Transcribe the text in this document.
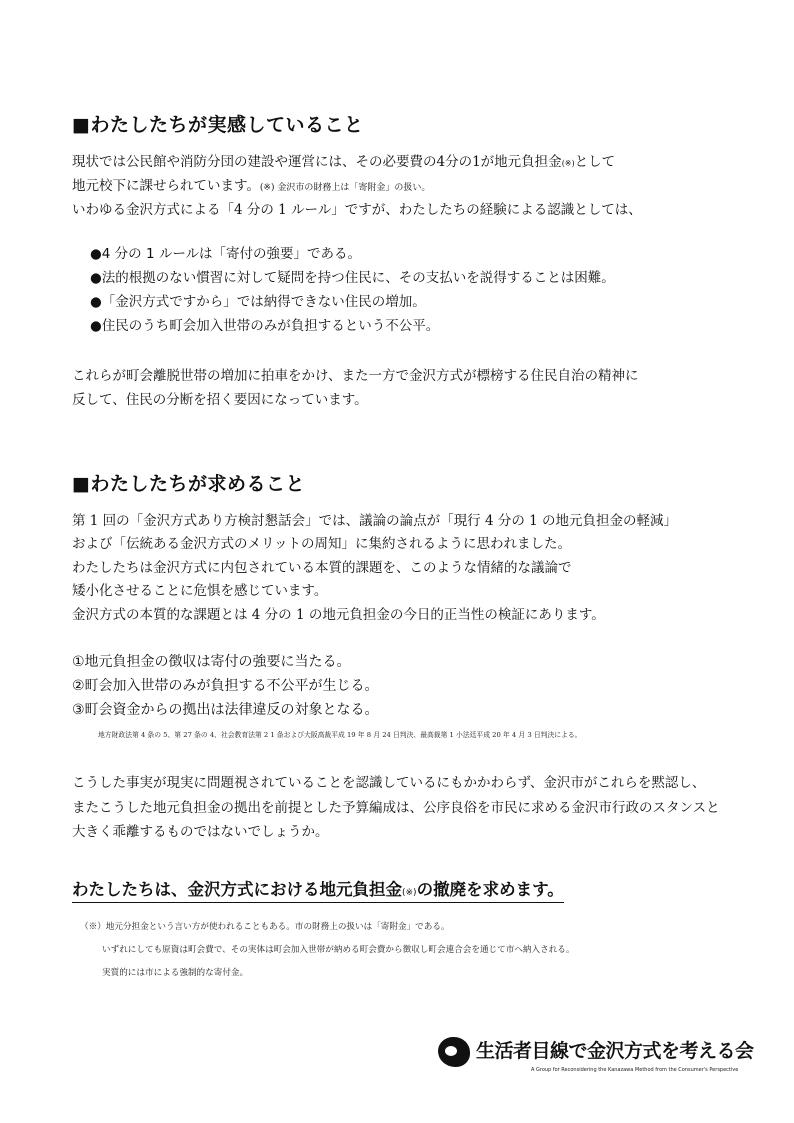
■わたしたちが実感していること
現状では公民館や消防分団の建設や運営には、その必要費の4分の1が地元負担金(※)として
地元校下に課せられています。(※) 金沢市の財務上は「寄附金」の扱い。
いわゆる金沢方式による「4 分の 1 ルール」ですが、わたしたちの経験による認識としては、
●4 分の 1 ルールは「寄付の強要」である。
●法的根拠のない慣習に対して疑問を持つ住民に、その支払いを説得することは困難。
●「金沢方式ですから」では納得できない住民の増加。
●住民のうち町会加入世帯のみが負担するという不公平。
これらが町会離脱世帯の増加に拍車をかけ、また一方で金沢方式が標榜する住民自治の精神に
反して、住民の分断を招く要因になっています。
■わたしたちが求めること
第 1 回の「金沢方式あり方検討懇話会」では、議論の論点が「現行 4 分の 1 の地元負担金の軽減」
および「伝統ある金沢方式のメリットの周知」に集約されるように思われました。
わたしたちは金沢方式に内包されている本質的課題を、このような情緒的な議論で
矮小化させることに危惧を感じています。
金沢方式の本質的な課題とは 4 分の 1 の地元負担金の今日的正当性の検証にあります。
①地元負担金の徴収は寄付の強要に当たる。
②町会加入世帯のみが負担する不公平が生じる。
③町会資金からの拠出は法律違反の対象となる。
地方財政法第 4 条の 5、第 27 条の 4、社会教育法第 2 1 条および大阪高裁平成 19 年 8 月 24 日判決、最高裁第 1 小法廷平成 20 年 4 月 3 日判決による。
こうした事実が現実に問題視されていることを認識しているにもかかわらず、金沢市がこれらを黙認し、
またこうした地元負担金の拠出を前提とした予算編成は、公序良俗を市民に求める金沢市行政のスタンスと
大きく乖離するものではないでしょうか。
わたしたちは、金沢方式における地元負担金(※)の撤廃を求めます。
（※）地元分担金という言い方が使われることもある。市の財務上の扱いは「寄附金」である。
いずれにしても原資は町会費で、その実体は町会加入世帯が納める町会費から徴収し町会連合会を通じて市へ納入される。
実質的には市による強制的な寄付金。
生活者目線で金沢方式を考える会
A Group for Reconsidering the Kanazawa Method from the Consumer's Perspective
